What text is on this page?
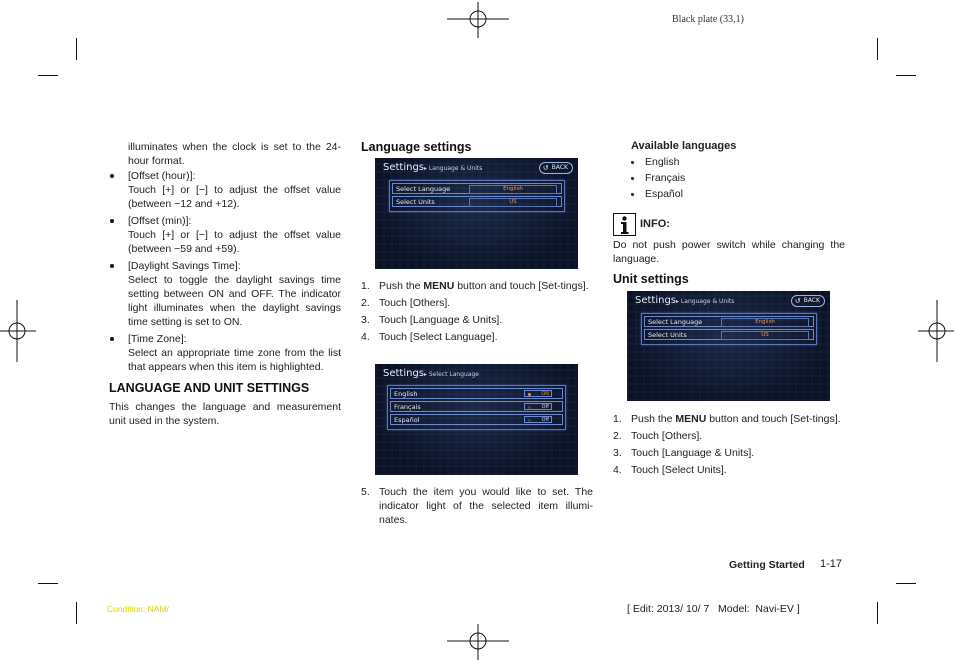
Black plate (33,1)
illuminates when the clock is set to the 24-hour format.
[Offset (hour)]:
Touch [+] or [−] to adjust the offset value (between −12 and +12).
[Offset (min)]:
Touch [+] or [−] to adjust the offset value (between −59 and +59).
[Daylight Savings Time]:
Select to toggle the daylight savings time setting between ON and OFF. The indicator light illuminates when the daylight savings time setting is set to ON.
[Time Zone]:
Select an appropriate time zone from the list that appears when this item is highlighted.
LANGUAGE AND UNIT SETTINGS
This changes the language and measurement unit used in the system.
Language settings
Settings▸ Language & Units	↺ BACK
Select Language	English
Select Units	US
1. Push the MENU button and touch [Set-tings].
2. Touch [Others].
3. Touch [Language & Units].
4. Touch [Select Language].
Settings▸ Select Language
English	ON
Français	Off
Español	Off
5. Touch the item you would like to set. The indicator light of the selected item illumi-nates.
Available languages
English
Français
Español
INFO:
Do not push power switch while changing the language.
Unit settings
Settings▸ Language & Units	↺ BACK
Select Language	English
Select Units	US
1. Push the MENU button and touch [Set-tings].
2. Touch [Others].
3. Touch [Language & Units].
4. Touch [Select Units].
Getting Started 1-17
Condition: NAM/	[ Edit: 2013/ 10/ 7   Model:  Navi-EV ]
